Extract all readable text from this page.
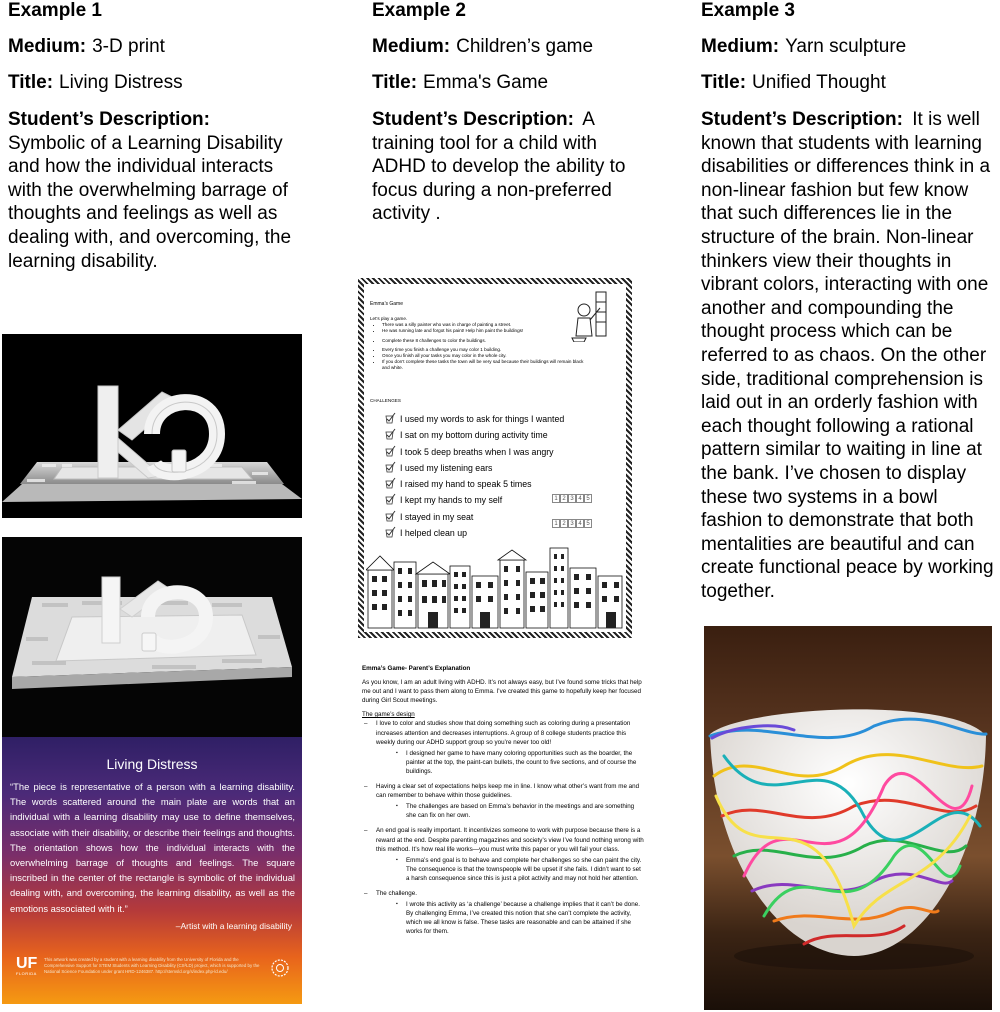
Example 1
Medium: 3-D print
Title: Living Distress
Student’s Description:
Symbolic of a Learning Disability and how the individual interacts with the overwhelming barrage of thoughts and feelings as well as dealing with, and overcoming, the learning disability.
Living Distress
“The piece is representative of a person with a learning disability. The words scattered around the main plate are words that an individual with a learning disability may use to define themselves, associate with their disability, or describe their feelings and thoughts. The orientation shows how the individual interacts with the overwhelming barrage of thoughts and feelings. The square inscribed in the center of the rectangle is symbolic of the individual dealing with, and overcoming, the learning disability, as well as the emotions associated with it.”
–Artist with a learning disability
UF
FLORIDA
This artwork was created by a student with a learning disability from the University of Florida and the Comprehensive Support for STEM Students with Learning Disability (CS²LD) project, which is supported by the National Science Foundation under grant HRD-1246387. http://stemsld.org/s/index.php-ld.edu/
Example 2
Medium: Children’s game
Title: Emma's Game
Student’s Description: A training tool for a child with ADHD to develop the ability to focus during a non-preferred activity .
Emma’s Game
Let’s play a game.
• There was a silly painter who was in charge of painting a street.
• He was running late and forgot his paint! Help him paint the buildings!

• Complete these 8 challenges to color the buildings.

• Every time you finish a challenge you may color 1 building.
• Once you finish all your tasks you may color in the whole city.
• If you don’t complete these tasks the town will be very sad because their buildings will remain black and white.
CHALLENGES
I used my words to ask for things I wanted
I sat on my bottom during activity time
I took 5 deep breaths when I was angry
I used my listening ears
I raised my hand to speak 5 times
I kept my hands to my self	1 2 3 4 5
I stayed in my seat
1 2 3 4 5
I helped clean up
Emma’s Game- Parent’s Explanation

As you know, I am an adult living with ADHD. It’s not always easy, but I’ve found some tricks that help me out and I want to pass them along to Emma. I’ve created this game to hopefully keep her focused during Girl Scout meetings.

The game’s design
– I love to color and studies show that doing something such as coloring during a presentation increases attention and decreases interruptions. A group of 8 college students practice this weekly during our ADHD support group so you’re never too old!
▪ I designed her game to have many coloring opportunities such as the boarder, the painter at the top, the paint-can bullets, the count to five sections, and of course the buildings.
– Having a clear set of expectations helps keep me in line. I know what other’s want from me and can remember to behave within those guidelines.
▪ The challenges are based on Emma’s behavior in the meetings and are something she can fix on her own.
– An end goal is really important. It incentivizes someone to work with purpose because there is a reward at the end. Despite parenting magazines and society’s view I’ve found nothing wrong with this method. It’s how real life works—you must write this paper or you will fail your class.
▪ Emma’s end goal is to behave and complete her challenges so she can paint the city. The consequence is that the townspeople will be upset if she fails. I didn’t want to set a harsh consequence since this is just a pilot activity and may not hold her attention.
– The challenge.
▪ I wrote this activity as ‘a challenge’ because a challenge implies that it can’t be done. By challenging Emma, I’ve created this notion that she can’t complete the activity, which we all know is false. These tasks are reasonable and can be attained if she works for them.
Example 3
Medium: Yarn sculpture
Title: Unified Thought
Student’s Description: It is well known that students with learning disabilities or differences think in a non-linear fashion but few know that such differences lie in the structure of the brain. Non-linear thinkers view their thoughts in vibrant colors, interacting with one another and compounding the thought process which can be referred to as chaos. On the other side, traditional comprehension is laid out in an orderly fashion with each thought following a rational pattern similar to waiting in line at the bank. I’ve chosen to display these two systems in a bowl fashion to demonstrate that both mentalities are beautiful and can create functional peace by working together.
